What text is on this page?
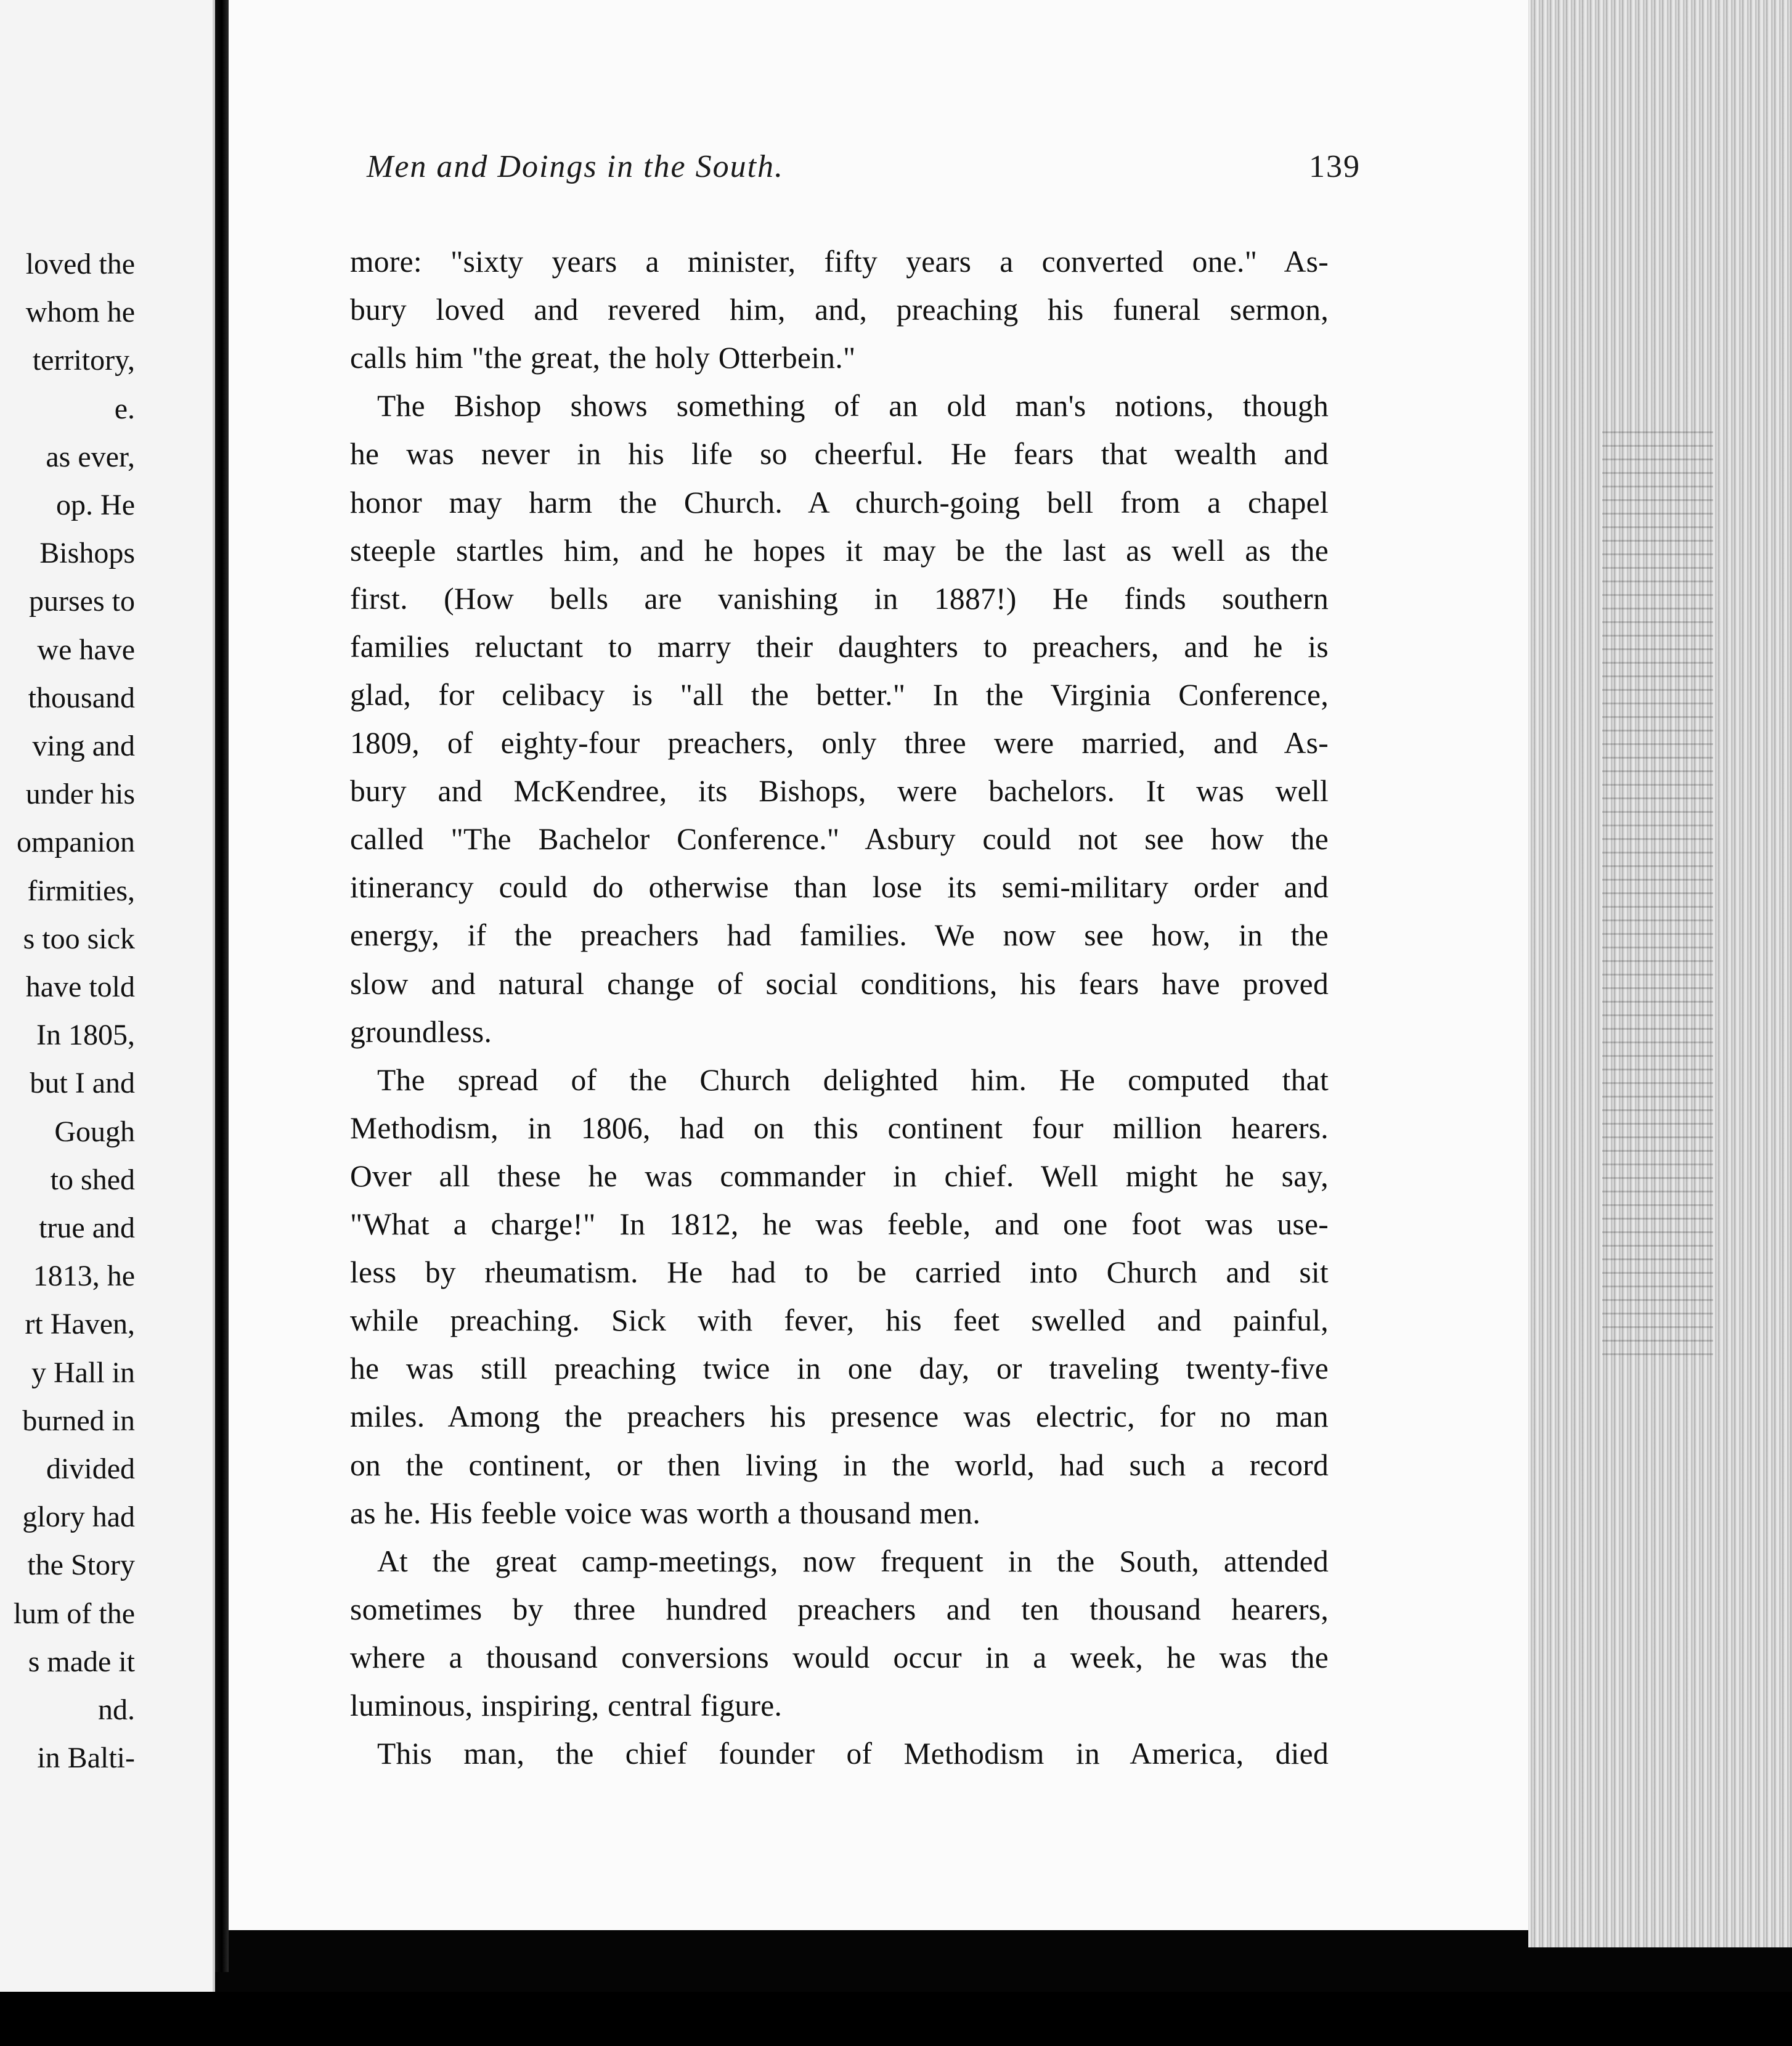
loved the
whom he
territory,
e.
as ever,
op. He
Bishops
purses to
we have
thousand
ving and
under his
ompanion
firmities,
s too sick
have told
In 1805,
but I and
Gough
to shed
true and
1813, he
rt Haven,
y Hall in
burned in
divided
glory had
the Story
lum of the
s made it
nd.
in Balti-
Men and Doings in the South.	139
more: "sixty years a minister, fifty years a converted one." As-
bury loved and revered him, and, preaching his funeral sermon,
calls him "the great, the holy Otterbein."
The Bishop shows something of an old man's notions, though
he was never in his life so cheerful. He fears that wealth and
honor may harm the Church. A church-going bell from a chapel
steeple startles him, and he hopes it may be the last as well as the
first. (How bells are vanishing in 1887!) He finds southern
families reluctant to marry their daughters to preachers, and he is
glad, for celibacy is "all the better." In the Virginia Conference,
1809, of eighty-four preachers, only three were married, and As-
bury and McKendree, its Bishops, were bachelors. It was well
called "The Bachelor Conference." Asbury could not see how the
itinerancy could do otherwise than lose its semi-military order and
energy, if the preachers had families. We now see how, in the
slow and natural change of social conditions, his fears have proved
groundless.
The spread of the Church delighted him. He computed that
Methodism, in 1806, had on this continent four million hearers.
Over all these he was commander in chief. Well might he say,
"What a charge!" In 1812, he was feeble, and one foot was use-
less by rheumatism. He had to be carried into Church and sit
while preaching. Sick with fever, his feet swelled and painful,
he was still preaching twice in one day, or traveling twenty-five
miles. Among the preachers his presence was electric, for no man
on the continent, or then living in the world, had such a record
as he. His feeble voice was worth a thousand men.
At the great camp-meetings, now frequent in the South, attended
sometimes by three hundred preachers and ten thousand hearers,
where a thousand conversions would occur in a week, he was the
luminous, inspiring, central figure.
This man, the chief founder of Methodism in America, died
